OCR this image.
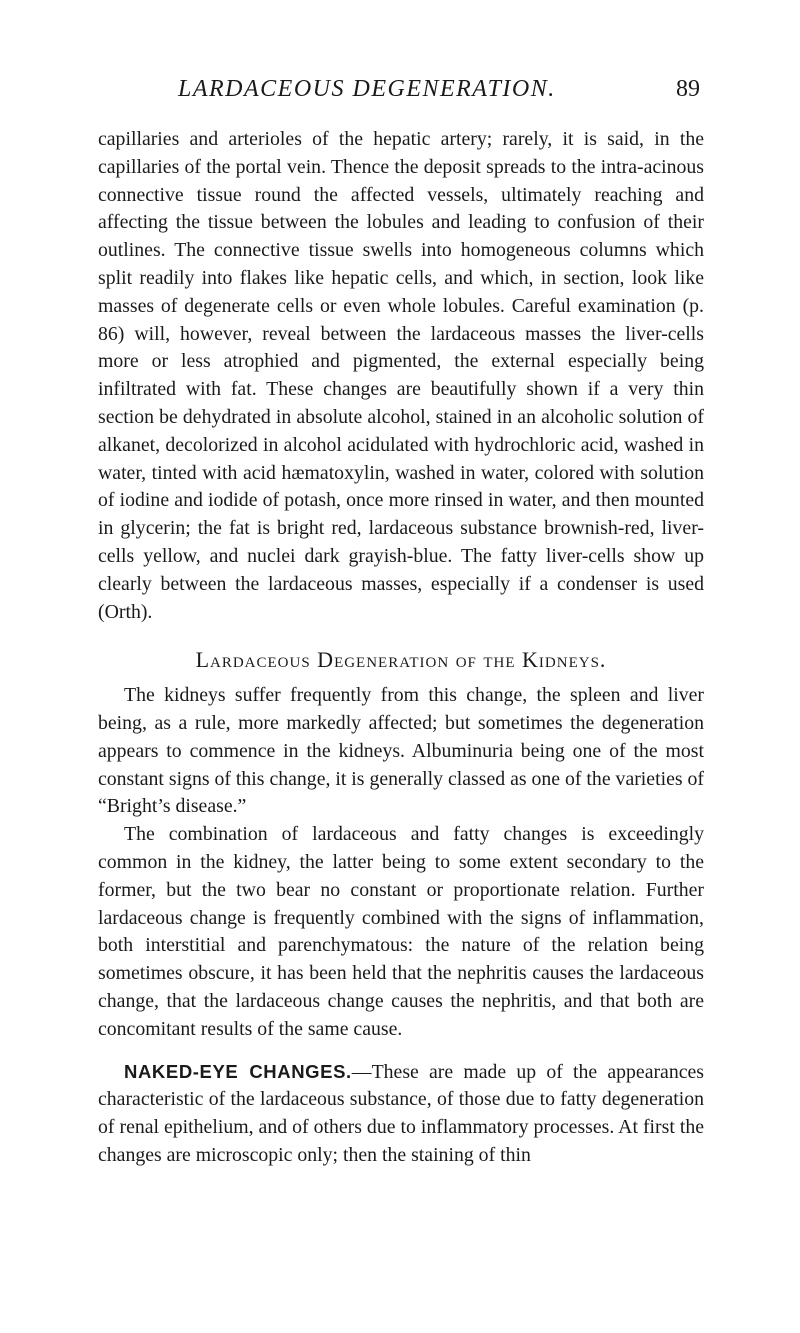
LARDACEOUS DEGENERATION.	89

capillaries and arterioles of the hepatic artery; rarely, it is said, in the capillaries of the portal vein. Thence the deposit spreads to the intra-acinous connective tissue round the affected vessels, ultimately reaching and affecting the tissue between the lobules and leading to confusion of their outlines. The connective tissue swells into homogeneous columns which split readily into flakes like hepatic cells, and which, in section, look like masses of degenerate cells or even whole lobules. Careful examination (p. 86) will, however, reveal between the lardaceous masses the liver-cells more or less atrophied and pigmented, the external especially being infiltrated with fat. These changes are beautifully shown if a very thin section be dehydrated in absolute alcohol, stained in an alcoholic solution of alkanet, decolorized in alcohol acidulated with hydrochloric acid, washed in water, tinted with acid hæmatoxylin, washed in water, colored with solution of iodine and iodide of potash, once more rinsed in water, and then mounted in glycerin; the fat is bright red, lardaceous substance brownish-red, liver-cells yellow, and nuclei dark grayish-blue. The fatty liver-cells show up clearly between the lardaceous masses, especially if a condenser is used (Orth).

Lardaceous Degeneration of the Kidneys.

The kidneys suffer frequently from this change, the spleen and liver being, as a rule, more markedly affected; but sometimes the degeneration appears to commence in the kidneys. Albuminuria being one of the most constant signs of this change, it is generally classed as one of the varieties of “Bright’s disease.”

The combination of lardaceous and fatty changes is exceedingly common in the kidney, the latter being to some extent secondary to the former, but the two bear no constant or proportionate relation. Further lardaceous change is frequently combined with the signs of inflammation, both interstitial and parenchymatous: the nature of the relation being sometimes obscure, it has been held that the nephritis causes the lardaceous change, that the lardaceous change causes the nephritis, and that both are concomitant results of the same cause.

NAKED-EYE CHANGES.—These are made up of the appearances characteristic of the lardaceous substance, of those due to fatty degeneration of renal epithelium, and of others due to inflammatory processes. At first the changes are microscopic only; then the staining of thin
